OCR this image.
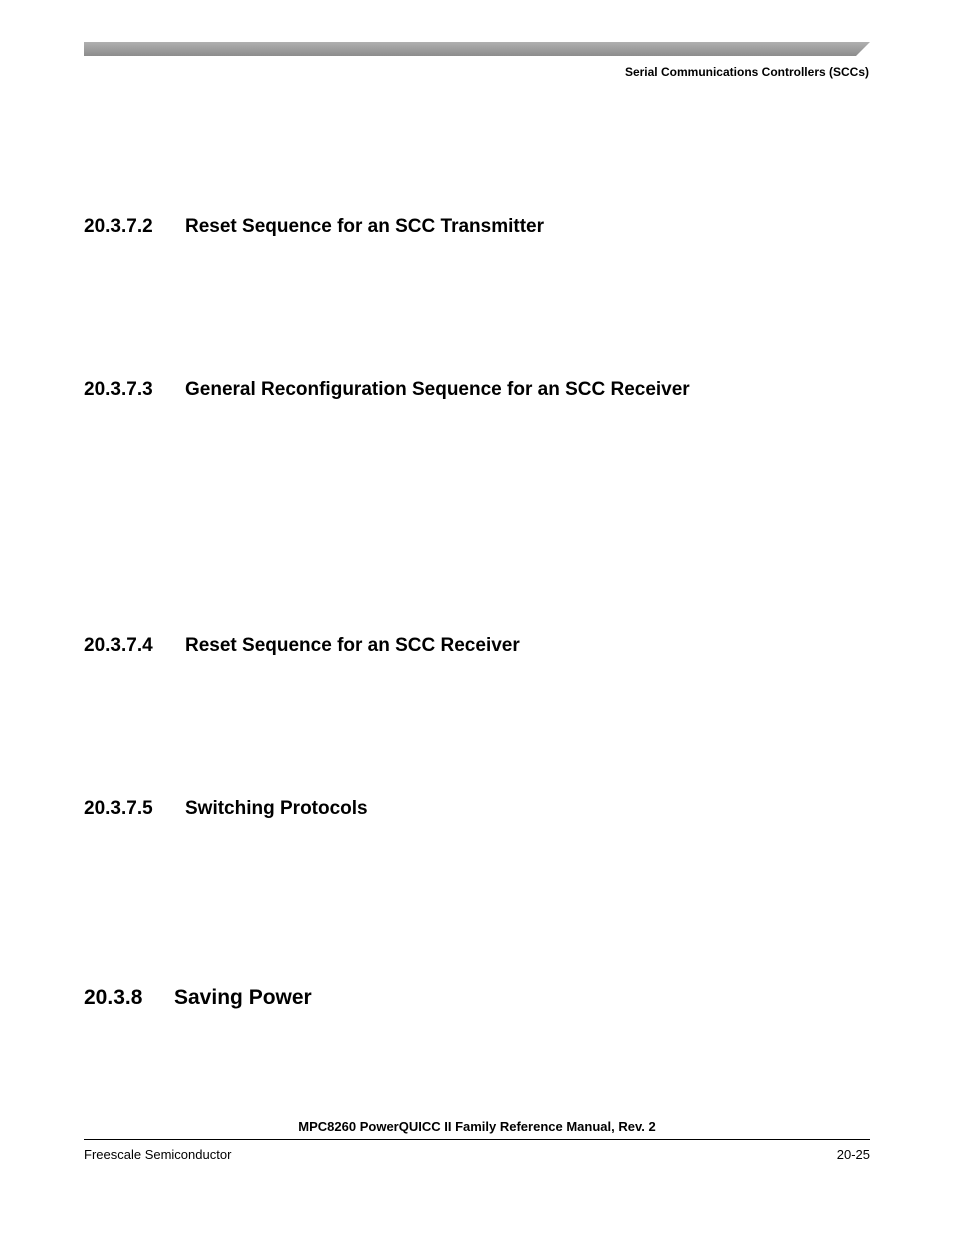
Serial Communications Controllers (SCCs)
20.3.7.2 Reset Sequence for an SCC Transmitter
20.3.7.3 General Reconfiguration Sequence for an SCC Receiver
20.3.7.4 Reset Sequence for an SCC Receiver
20.3.7.5 Switching Protocols
20.3.8 Saving Power
MPC8260 PowerQUICC II Family Reference Manual, Rev. 2
Freescale Semiconductor	20-25
